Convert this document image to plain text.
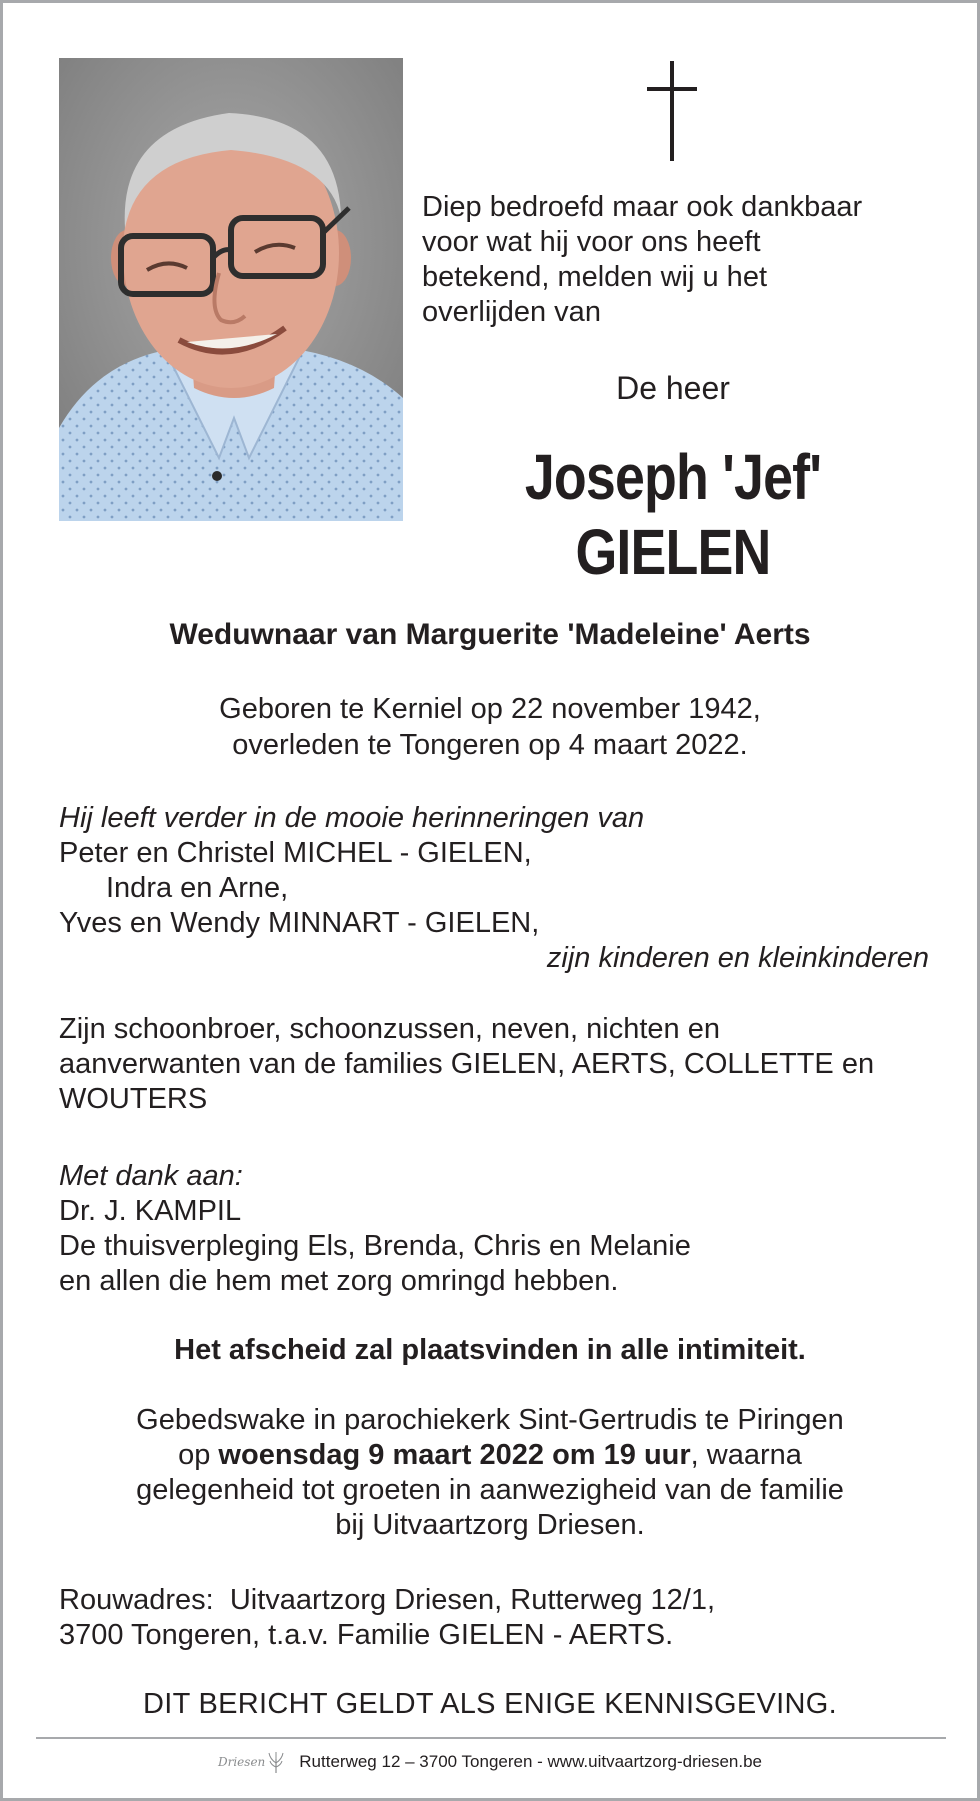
Diep bedroefd maar ook dankbaar
voor wat hij voor ons heeft
betekend, melden wij u het
overlijden van

De heer
Joseph 'Jef'
GIELEN
Weduwnaar van Marguerite 'Madeleine' Aerts
Geboren te Kerniel op 22 november 1942,
overleden te Tongeren op 4 maart 2022.
Hij leeft verder in de mooie herinneringen van
Peter en Christel MICHEL - GIELEN,
Indra en Arne,
Yves en Wendy MINNART - GIELEN,
zijn kinderen en kleinkinderen
Zijn schoonbroer, schoonzussen, neven, nichten en
aanverwanten van de families GIELEN, AERTS, COLLETTE en
WOUTERS
Met dank aan:
Dr. J. KAMPIL
De thuisverpleging Els, Brenda, Chris en Melanie
en allen die hem met zorg omringd hebben.
Het afscheid zal plaatsvinden in alle intimiteit.
Gebedswake in parochiekerk Sint-Gertrudis te Piringen
op woensdag 9 maart 2022 om 19 uur, waarna
gelegenheid tot groeten in aanwezigheid van de familie
bij Uitvaartzorg Driesen.
Rouwadres:  Uitvaartzorg Driesen, Rutterweg 12/1,
3700 Tongeren, t.a.v. Familie GIELEN - AERTS.
DIT BERICHT GELDT ALS ENIGE KENNISGEVING.
Driesen Rutterweg 12 – 3700 Tongeren - www.uitvaartzorg-driesen.be
